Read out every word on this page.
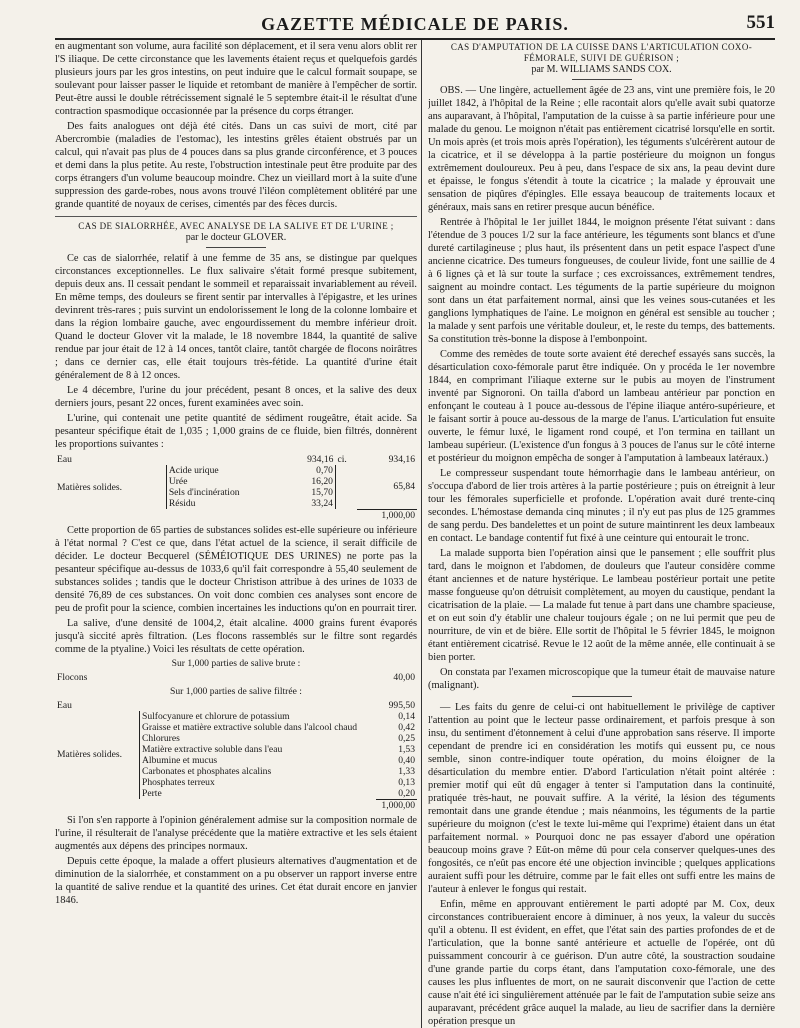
GAZETTE MÉDICALE DE PARIS.	551

en augmentant son volume, aura facilité son déplacement, et il sera venu alors oblit rer l'S iliaque. De cette circonstance que les lavements étaient reçus et quelquefois gardés plusieurs jours par les gros intestins, on peut induire que le calcul formait soupape, se soulevant pour laisser passer le liquide et retombant de manière à l'empêcher de sortir. Peut-être aussi le double rétrécissement signalé le 5 septembre était-il le résultat d'une contraction spasmodique occasionnée par la présence du corps étranger.

Des faits analogues ont déjà été cités. Dans un cas suivi de mort, cité par Abercrombie (maladies de l'estomac), les intestins grêles étaient obstrués par un calcul, qui n'avait pas plus de 4 pouces dans sa plus grande circonférence, et 3 pouces et demi dans la plus petite. Au reste, l'obstruction intestinale peut être produite par des corps étrangers d'un volume beaucoup moindre. Chez un vieillard mort à la suite d'une suppression des garde-robes, nous avons trouvé l'iléon complètement oblitéré par une grande quantité de noyaux de cerises, cimentés par des fèces durcis.

CAS DE SIALORRHÉE, AVEC ANALYSE DE LA SALIVE ET DE L'URINE ;
par le docteur GLOVER.

Ce cas de sialorrhée, relatif à une femme de 35 ans, se distingue par quelques circonstances exceptionnelles. Le flux salivaire s'était formé presque subitement, depuis deux ans. Il cessait pendant le sommeil et reparaissait invariablement au réveil. En même temps, des douleurs se firent sentir par intervalles à l'épigastre, et les urines devinrent très-rares ; puis survint un endolorissement le long de la colonne lombaire et dans la région lombaire gauche, avec engourdissement du membre inférieur droit. Quand le docteur Glover vit la malade, le 18 novembre 1844, la quantité de salive rendue par jour était de 12 à 14 onces, tantôt claire, tantôt chargée de flocons noirâtres ; dans ce dernier cas, elle était toujours très-fétide. La quantité d'urine était généralement de 8 à 12 onces.

Le 4 décembre, l'urine du jour précédent, pesant 8 onces, et la salive des deux derniers jours, pesant 22 onces, furent examinées avec soin.

L'urine, qui contenait une petite quantité de sédiment rougeâtre, était acide. Sa pesanteur spécifique était de 1,035 ; 1,000 grains de ce fluide, bien filtrés, donnèrent les proportions suivantes :

Eau		934,16	ci.	934,16
Matières solides.	Acide urique	0,70		65,84
	Urée	16,20		
	Sels d'incinération	15,70		
	Résidu	33,24		
				1,000,00

Cette proportion de 65 parties de substances solides est-elle supérieure ou inférieure à l'état normal ? C'est ce que, dans l'état actuel de la science, il serait difficile de décider. Le docteur Becquerel (SÉMÉIOTIQUE DES URINES) ne porte pas la pesanteur spécifique au-dessus de 1033,6 qu'il fait correspondre à 55,40 seulement de substances solides ; tandis que le docteur Christison attribue à des urines de 1033 de densité 76,89 de ces substances. On voit donc combien ces analyses sont encore de peu de profit pour la science, combien incertaines les inductions qu'on en pourrait tirer.

La salive, d'une densité de 1004,2, était alcaline. 4000 grains furent évaporés jusqu'à siccité après filtration. (Les flocons rassemblés sur le filtre sont regardés comme de la ptyaline.) Voici les résultats de cette opération.

Sur 1,000 parties de salive brute :
Flocons	40,00
Sur 1,000 parties de salive filtrée :
Eau		995,50
Matières solides.	Sulfocyanure et chlorure de potassium	0,14
	Graisse et matière extractive soluble dans l'alcool chaud	0,42
	Chlorures	0,25
	Matière extractive soluble dans l'eau	1,53
	Albumine et mucus	0,40
	Carbonates et phosphates alcalins	1,33
	Phosphates terreux	0,13
	Perte	0,20
		1,000,00

Si l'on s'en rapporte à l'opinion généralement admise sur la composition normale de l'urine, il résulterait de l'analyse précédente que la matière extractive et les sels étaient augmentés aux dépens des principes normaux.

Depuis cette époque, la malade a offert plusieurs alternatives d'augmentation et de diminution de la sialorrhée, et constamment on a pu observer un rapport inverse entre la quantité de salive rendue et la quantité des urines. Cet état durait encore en janvier 1846.

CAS D'AMPUTATION DE LA CUISSE DANS L'ARTICULATION COXO-FÉMORALE, SUIVI DE GUÉRISON ;
par M. WILLIAMS SANDS COX.

OBS. — Une lingère, actuellement âgée de 23 ans, vint une première fois, le 20 juillet 1842, à l'hôpital de la Reine ; elle racontait alors qu'elle avait subi quatorze ans auparavant, à l'hôpital, l'amputation de la cuisse à sa partie inférieure pour une malade du genou. Le moignon n'était pas entièrement cicatrisé lorsqu'elle en sortit. Un mois après (et trois mois après l'opération), les téguments s'ulcérèrent autour de la cicatrice, et il se développa à la partie postérieure du moignon un fongus extrêmement douloureux. Peu à peu, dans l'espace de six ans, la peau devint dure et épaisse, le fongus s'étendit à toute la cicatrice ; la malade y éprouvait une sensation de piqûres d'épingles. Elle essaya beaucoup de traitements locaux et généraux, mais sans en retirer presque aucun bénéfice.

Rentrée à l'hôpital le 1er juillet 1844, le moignon présente l'état suivant : dans l'étendue de 3 pouces 1/2 sur la face antérieure, les téguments sont blancs et d'une dureté cartilagineuse ; plus haut, ils présentent dans un petit espace l'aspect d'une ancienne cicatrice. Des tumeurs fongueuses, de couleur livide, font une saillie de 4 à 6 lignes çà et là sur toute la surface ; ces excroissances, extrêmement tendres, saignent au moindre contact. Les téguments de la partie supérieure du moignon sont dans un état parfaitement normal, ainsi que les veines sous-cutanées et les ganglions lymphatiques de l'aine. Le moignon en général est sensible au toucher ; la malade y sent parfois une véritable douleur, et, le reste du temps, des battements. Sa constitution très-bonne la dispose à l'embonpoint.

Comme des remèdes de toute sorte avaient été derechef essayés sans succès, la désarticulation coxo-fémorale parut être indiquée. On y procéda le 1er novembre 1844, en comprimant l'iliaque externe sur le pubis au moyen de l'instrument inventé par Signoroni. On tailla d'abord un lambeau antérieur par ponction en enfonçant le couteau à 1 pouce au-dessous de l'épine iliaque antéro-supérieure, et le faisant sortir à pouce au-dessous de la marge de l'anus. L'articulation fut ensuite ouverte, le fémur luxé, le ligament rond coupé, et l'on termina en taillant un lambeau supérieur. (L'existence d'un fongus à 3 pouces de l'anus sur le côté interne et postérieur du moignon empêcha de songer à l'amputation à lambeaux latéraux.)

Le compresseur suspendant toute hémorrhagie dans le lambeau antérieur, on s'occupa d'abord de lier trois artères à la partie postérieure ; puis on étreignit à leur tour les fémorales superficielle et profonde. L'opération avait duré trente-cinq secondes. L'hémostase demanda cinq minutes ; il n'y eut pas plus de 125 grammes de sang perdu. Des bandelettes et un point de suture maintinrent les deux lambeaux en contact. Le bandage contentif fut fixé à une ceinture qui entourait le tronc.

La malade supporta bien l'opération ainsi que le pansement ; elle souffrit plus tard, dans le moignon et l'abdomen, de douleurs que l'auteur considère comme étant anciennes et de nature hystérique. Le lambeau postérieur portait une petite masse fongueuse qu'on détruisit complètement, au moyen du caustique, pendant la cicatrisation de la plaie. — La malade fut tenue à part dans une chambre spacieuse, et on eut soin d'y établir une chaleur toujours égale ; on ne lui permit que peu de nourriture, de vin et de bière. Elle sortit de l'hôpital le 5 février 1845, le moignon étant entièrement cicatrisé. Revue le 12 août de la même année, elle continuait à se bien porter.

On constata par l'examen microscopique que la tumeur était de mauvaise nature (malignant).

— Les faits du genre de celui-ci ont habituellement le privilège de captiver l'attention au point que le lecteur passe ordinairement, et parfois presque à son insu, du sentiment d'étonnement à celui d'une approbation sans réserve. Il importe cependant de prendre ici en considération les motifs qui eussent pu, ce nous semble, sinon contre-indiquer toute opération, du moins éloigner de la désarticulation du membre entier. D'abord l'articulation n'était point altérée : premier motif qui eût dû engager à tenter si l'amputation dans la continuité, pratiquée très-haut, ne pouvait suffire. A la vérité, la lésion des téguments remontait dans une grande étendue ; mais néanmoins, les téguments de la partie supérieure du moignon (c'est le texte lui-même qui l'exprime) étaient dans un état parfaitement normal. » Pourquoi donc ne pas essayer d'abord une opération beaucoup moins grave ? Eût-on même dû pour cela conserver quelques-unes des fongosités, ce n'eût pas encore été une objection invincible ; quelques applications auraient suffi pour les détruire, comme par le fait elles ont suffi entre les mains de l'auteur à enlever le fongus qui restait.

Enfin, même en approuvant entièrement le parti adopté par M. Cox, deux circonstances contribueraient encore à diminuer, à nos yeux, la valeur du succès qu'il a obtenu. Il est évident, en effet, que l'état sain des parties profondes de et de l'articulation, que la bonne santé antérieure et actuelle de l'opérée, ont dû puissamment concourir à ce guérison. D'un autre côté, la soustraction soudaine d'une grande partie du corps étant, dans l'amputation coxo-fémorale, une des causes les plus influentes de mort, on ne saurait disconvenir que l'action de cette cause n'ait été ici singulièrement atténuée par le fait de l'amputation subie seize ans auparavant, précédent grâce auquel la malade, au lieu de sacrifier dans la dernière opération presque un
